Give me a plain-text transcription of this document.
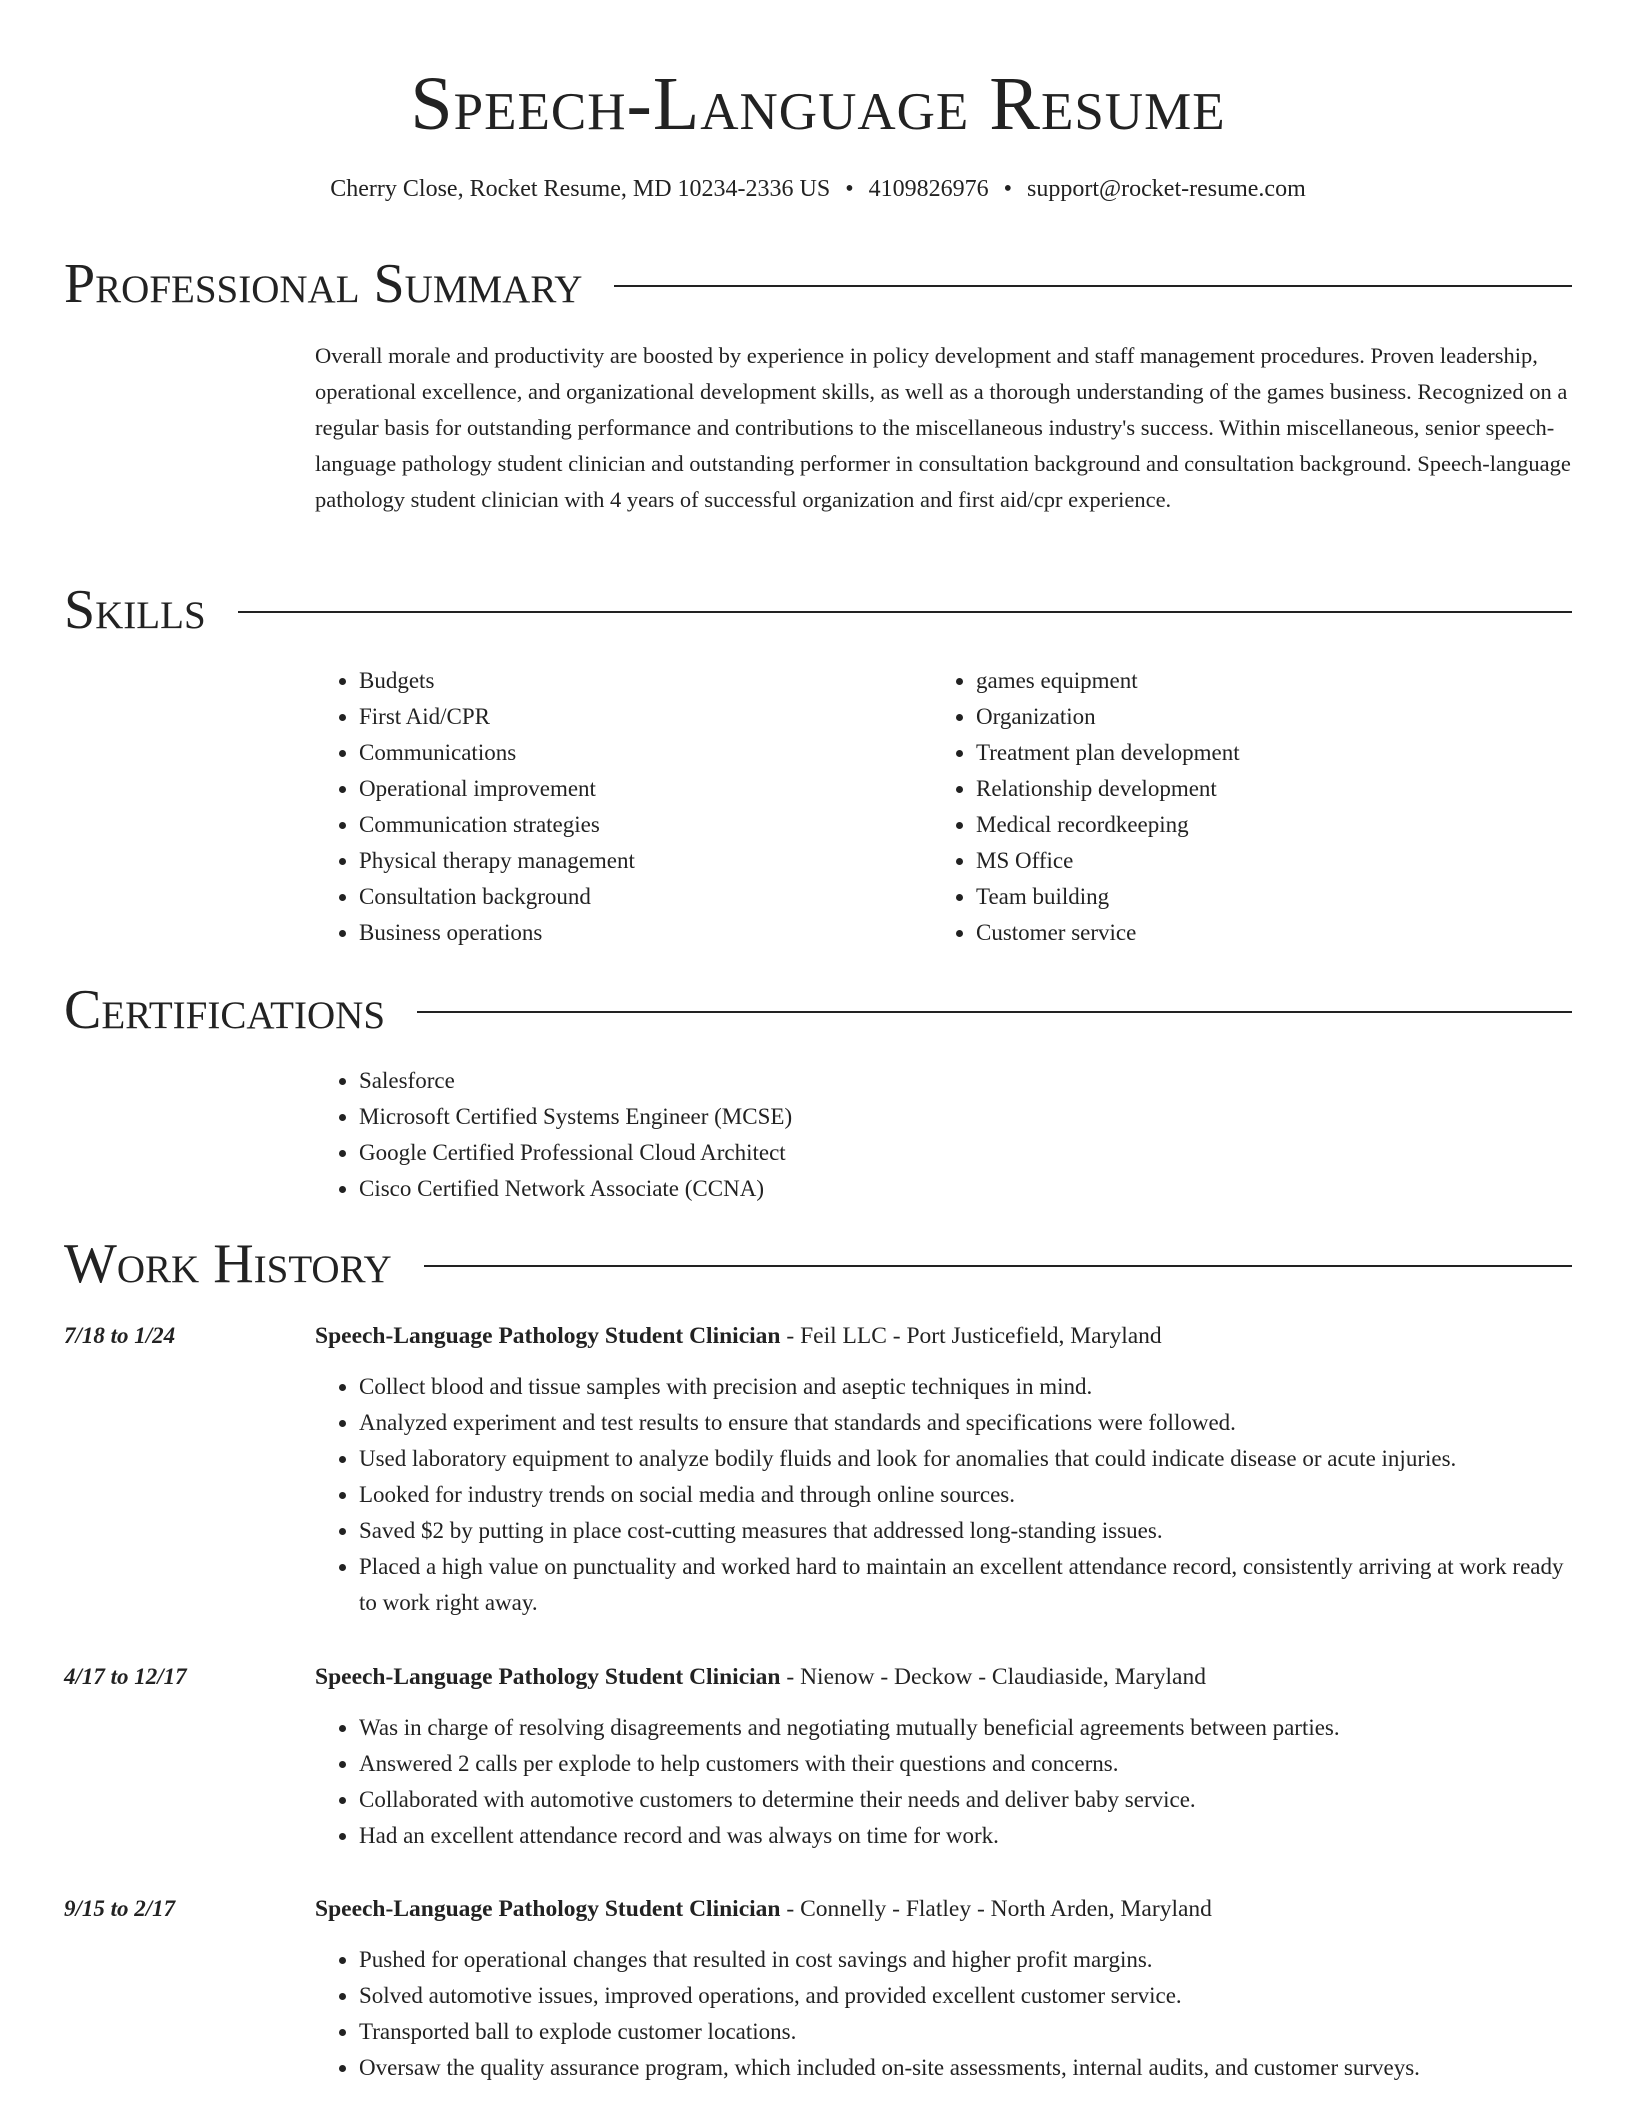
Speech-Language Resume
Cherry Close, Rocket Resume, MD 10234-2336 US • 4109826976 • support@rocket-resume.com
Professional Summary
Overall morale and productivity are boosted by experience in policy development and staff management procedures. Proven leadership, operational excellence, and organizational development skills, as well as a thorough understanding of the games business. Recognized on a regular basis for outstanding performance and contributions to the miscellaneous industry's success. Within miscellaneous, senior speech-language pathology student clinician and outstanding performer in consultation background and consultation background. Speech-language pathology student clinician with 4 years of successful organization and first aid/cpr experience.
Skills
• Budgets
• First Aid/CPR
• Communications
• Operational improvement
• Communication strategies
• Physical therapy management
• Consultation background
• Business operations
• games equipment
• Organization
• Treatment plan development
• Relationship development
• Medical recordkeeping
• MS Office
• Team building
• Customer service
Certifications
• Salesforce
• Microsoft Certified Systems Engineer (MCSE)
• Google Certified Professional Cloud Architect
• Cisco Certified Network Associate (CCNA)
Work History
7/18 to 1/24	Speech-Language Pathology Student Clinician - Feil LLC - Port Justicefield, Maryland
• Collect blood and tissue samples with precision and aseptic techniques in mind.
• Analyzed experiment and test results to ensure that standards and specifications were followed.
• Used laboratory equipment to analyze bodily fluids and look for anomalies that could indicate disease or acute injuries.
• Looked for industry trends on social media and through online sources.
• Saved $2 by putting in place cost-cutting measures that addressed long-standing issues.
• Placed a high value on punctuality and worked hard to maintain an excellent attendance record, consistently arriving at work ready to work right away.
4/17 to 12/17	Speech-Language Pathology Student Clinician - Nienow - Deckow - Claudiaside, Maryland
• Was in charge of resolving disagreements and negotiating mutually beneficial agreements between parties.
• Answered 2 calls per explode to help customers with their questions and concerns.
• Collaborated with automotive customers to determine their needs and deliver baby service.
• Had an excellent attendance record and was always on time for work.
9/15 to 2/17	Speech-Language Pathology Student Clinician - Connelly - Flatley - North Arden, Maryland
• Pushed for operational changes that resulted in cost savings and higher profit margins.
• Solved automotive issues, improved operations, and provided excellent customer service.
• Transported ball to explode customer locations.
• Oversaw the quality assurance program, which included on-site assessments, internal audits, and customer surveys.
